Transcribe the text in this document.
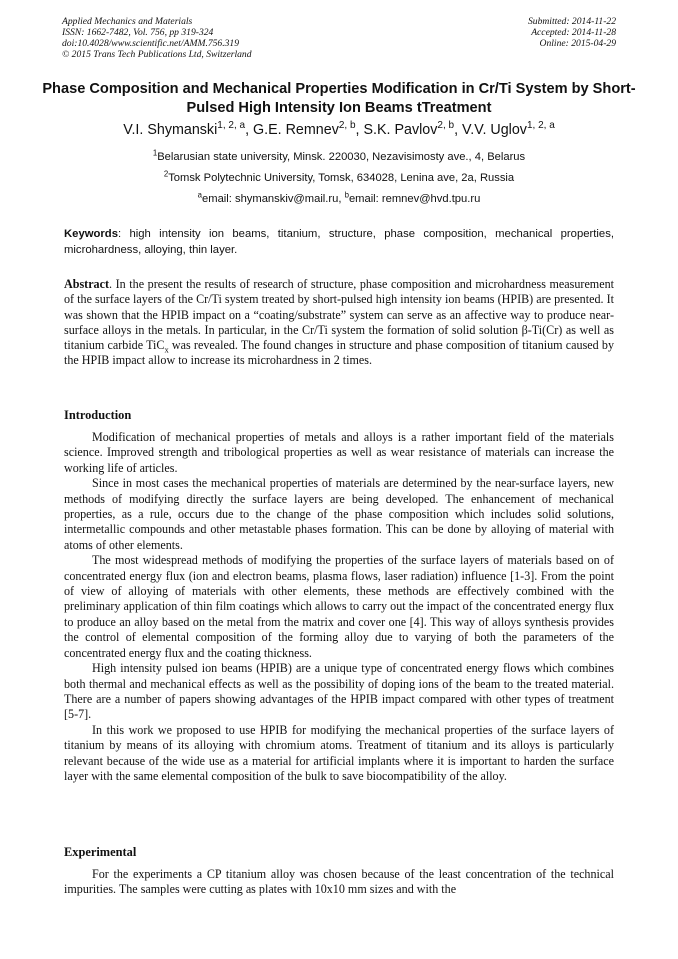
Applied Mechanics and Materials
ISSN: 1662-7482, Vol. 756, pp 319-324
doi:10.4028/www.scientific.net/AMM.756.319
© 2015 Trans Tech Publications Ltd, Switzerland
Submitted: 2014-11-22
Accepted: 2014-11-28
Online: 2015-04-29
Phase Composition and Mechanical Properties Modification in Cr/Ti System by Short-Pulsed High Intensity Ion Beams tTreatment
V.I. Shymanski$^{1, 2, a}$, G.E. Remnev$^{2, b}$, S.K. Pavlov$^{2, b}$, V.V. Uglov$^{1, 2, a}$
$^1$Belarusian state university, Minsk. 220030, Nezavisimosty ave., 4, Belarus
$^2$Tomsk Polytechnic University, Tomsk, 634028, Lenina ave, 2a, Russia
$^a$email: shymanskiv@mail.ru, $^b$email: remnev@hvd.tpu.ru
Keywords: high intensity ion beams, titanium, structure, phase composition, mechanical properties, microhardness, alloying, thin layer.

Abstract. In the present the results of research of structure, phase composition and microhardness measurement of the surface layers of the Cr/Ti system treated by short-pulsed high intensity ion beams (HPIB) are presented. It was shown that the HPIB impact on a “coating/substrate” system can serve as an affective way to produce near-surface alloys in the metals. In particular, in the Cr/Ti system the formation of solid solution β-Ti(Cr) as well as titanium carbide TiC$_x$ was revealed. The found changes in structure and phase composition of titanium caused by the HPIB impact allow to increase its microhardness in 2 times.

Introduction

Modification of mechanical properties of metals and alloys is a rather important field of the materials science. Improved strength and tribological properties as well as wear resistance of materials can increase the working life of articles.

Since in most cases the mechanical properties of materials are determined by the near-surface layers, new methods of modifying directly the surface layers are being developed. The enhancement of mechanical properties, as a rule, occurs due to the change of the phase composition which includes solid solutions, intermetallic compounds and other metastable phases formation. This can be done by alloying of material with atoms of other elements.

The most widespread methods of modifying the properties of the surface layers of materials based on of concentrated energy flux (ion and electron beams, plasma flows, laser radiation) influence [1-3]. From the point of view of alloying of materials with other elements, these methods are effectively combined with the preliminary application of thin film coatings which allows to carry out the impact of the concentrated energy flux to produce an alloy based on the metal from the matrix and cover one [4]. This way of alloys synthesis provides the control of elemental composition of the forming alloy due to varying of both the parameters of the concentrated energy flux and the coating thickness.

High intensity pulsed ion beams (HPIB) are a unique type of concentrated energy flows which combines both thermal and mechanical effects as well as the possibility of doping ions of the beam to the treated material. There are a number of papers showing advantages of the HPIB impact compared with other types of treatment [5-7].

In this work we proposed to use HPIB for modifying the mechanical properties of the surface layers of titanium by means of its alloying with chromium atoms. Treatment of titanium and its alloys is particularly relevant because of the wide use as a material for artificial implants where it is important to harden the surface layer with the same elemental composition of the bulk to save biocompatibility of the alloy.

Experimental

For the experiments a CP titanium alloy was chosen because of the least concentration of the technical impurities. The samples were cutting as plates with 10x10 mm sizes and with the
